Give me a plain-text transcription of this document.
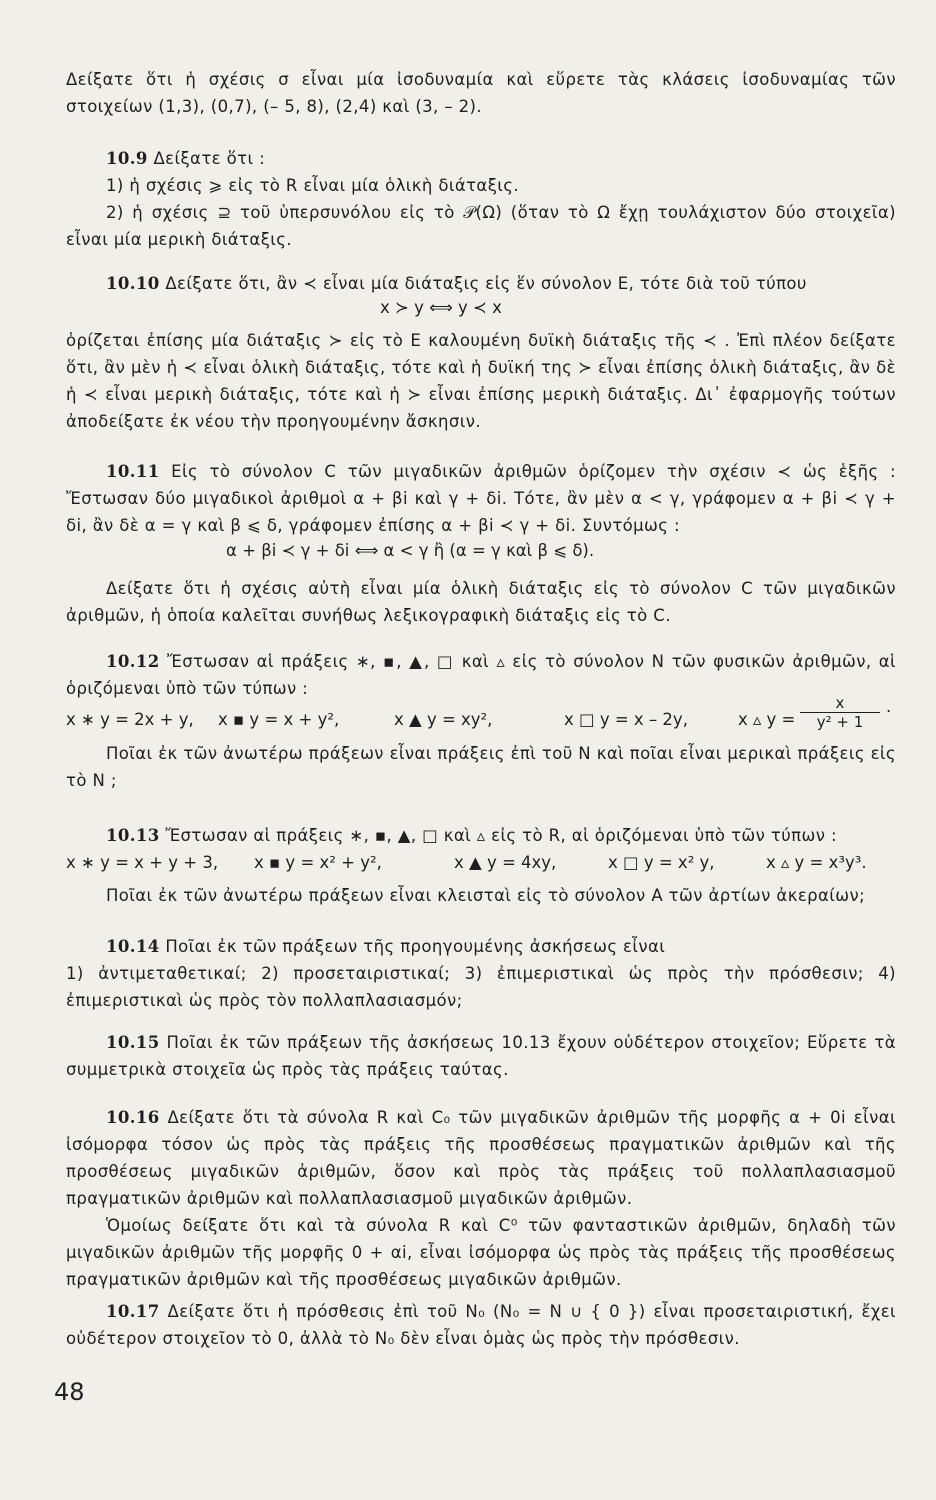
Δείξατε ὅτι ἡ σχέσις σ εἶναι μία ἰσοδυναμία καὶ εὕρετε τὰς κλάσεις ἰσοδυναμίας τῶν στοιχείων (1,3), (0,7), (– 5, 8), (2,4) καὶ (3, – 2).
10.9 Δείξατε ὅτι :
1) ἡ σχέσις ⩾ εἰς τὸ R εἶναι μία ὁλικὴ διάταξις.
2) ἡ σχέσις ⊇ τοῦ ὑπερσυνόλου εἰς τὸ 𝒫(Ω) (ὅταν τὸ Ω ἔχῃ τουλάχιστον δύο στοιχεῖα) εἶναι μία μερικὴ διάταξις.
10.10 Δείξατε ὅτι, ἂν ≺ εἶναι μία διάταξις εἰς ἕν σύνολον Ε, τότε διὰ τοῦ τύπου
x ≻ y ⟺ y ≺ x
ὁρίζεται ἐπίσης μία διάταξις ≻ εἰς τὸ Ε καλουμένη δυϊκὴ διάταξις τῆς ≺ . Ἐπὶ πλέον δείξατε ὅτι, ἂν μὲν ἡ ≺ εἶναι ὁλικὴ διάταξις, τότε καὶ ἡ δυϊκή της ≻ εἶναι ἐπίσης ὁλικὴ διάταξις, ἂν δὲ ἡ ≺ εἶναι μερικὴ διάταξις, τότε καὶ ἡ ≻ εἶναι ἐπίσης μερικὴ διάταξις. Δι᾽ ἐφαρμογῆς τούτων ἀποδείξατε ἐκ νέου τὴν προηγουμένην ἄσκησιν.
10.11 Εἰς τὸ σύνολον C τῶν μιγαδικῶν ἀριθμῶν ὁρίζομεν τὴν σχέσιν ≺ ὡς ἑξῆς : Ἔστωσαν δύο μιγαδικοὶ ἀριθμοὶ α + βi καὶ γ + δi. Τότε, ἂν μὲν α < γ, γράφομεν α + βi ≺ γ + δi, ἂν δὲ α = γ καὶ β ⩽ δ, γράφομεν ἐπίσης α + βi ≺ γ + δi. Συντόμως :
α + βi ≺ γ + δi ⟺ α < γ ἢ (α = γ καὶ β ⩽ δ).
Δείξατε ὅτι ἡ σχέσις αὐτὴ εἶναι μία ὁλικὴ διάταξις εἰς τὸ σύνολον C τῶν μιγαδικῶν ἀριθμῶν, ἡ ὁποία καλεῖται συνήθως λεξικογραφικὴ διάταξις εἰς τὸ C.
10.12 Ἔστωσαν αἱ πράξεις ∗, ▪, ▲, □ καὶ ▵ εἰς τὸ σύνολον N τῶν φυσικῶν ἀριθμῶν, αἱ ὁριζόμεναι ὑπὸ τῶν τύπων :
x ∗ y = 2x + y, x ▪ y = x + y²,	x ▲ y = xy²,	x □ y = x – 2y,	x ▵ $y = \frac{x}{\text{y² + 1}}$ ·
Ποῖαι ἐκ τῶν ἀνωτέρω πράξεων εἶναι πράξεις ἐπὶ τοῦ N καὶ ποῖαι εἶναι μερικαὶ πράξεις εἰς τὸ N ;
10.13 Ἔστωσαν αἱ πράξεις ∗, ▪, ▲, □ καὶ ▵ εἰς τὸ R, αἱ ὁριζόμεναι ὑπὸ τῶν τύπων :
x ∗ y = x + y + 3, x ▪ y = x² + y²,	x ▲ y = 4xy,	x □ y = x² y,	x ▵ y = x³y³.
Ποῖαι ἐκ τῶν ἀνωτέρω πράξεων εἶναι κλεισταὶ εἰς τὸ σύνολον A τῶν ἀρτίων ἀκεραίων;
10.14 Ποῖαι ἐκ τῶν πράξεων τῆς προηγουμένης ἀσκήσεως εἶναι
1) ἀντιμεταθετικαί; 2) προσεταιριστικαί; 3) ἐπιμεριστικαὶ ὡς πρὸς τὴν πρόσθεσιν; 4) ἐπιμεριστικαὶ ὡς πρὸς τὸν πολλαπλασιασμόν;
10.15 Ποῖαι ἐκ τῶν πράξεων τῆς ἀσκήσεως 10.13 ἔχουν οὐδέτερον στοιχεῖον; Εὕρετε τὰ συμμετρικὰ στοιχεῖα ὡς πρὸς τὰς πράξεις ταύτας.
10.16 Δείξατε ὅτι τὰ σύνολα R καὶ C₀ τῶν μιγαδικῶν ἀριθμῶν τῆς μορφῆς α + 0i εἶναι ἰσόμορφα τόσον ὡς πρὸς τὰς πράξεις τῆς προσθέσεως πραγματικῶν ἀριθμῶν καὶ τῆς προσθέσεως μιγαδικῶν ἀριθμῶν, ὅσον καὶ πρὸς τὰς πράξεις τοῦ πολλαπλασιασμοῦ πραγματικῶν ἀριθμῶν καὶ πολλαπλασιασμοῦ μιγαδικῶν ἀριθμῶν.
Ὁμοίως δείξατε ὅτι καὶ τὰ σύνολα R καὶ C⁰ τῶν φανταστικῶν ἀριθμῶν, δηλαδὴ τῶν μιγαδικῶν ἀριθμῶν τῆς μορφῆς 0 + αi, εἶναι ἰσόμορφα ὡς πρὸς τὰς πράξεις τῆς προσθέσεως πραγματικῶν ἀριθμῶν καὶ τῆς προσθέσεως μιγαδικῶν ἀριθμῶν.
10.17 Δείξατε ὅτι ἡ πρόσθεσις ἐπὶ τοῦ N₀ (N₀ = N ∪ { 0 }) εἶναι προσεταιριστική, ἔχει οὐδέτερον στοιχεῖον τὸ 0, ἀλλὰ τὸ N₀ δὲν εἶναι ὁμὰς ὡς πρὸς τὴν πρόσθεσιν.
48
